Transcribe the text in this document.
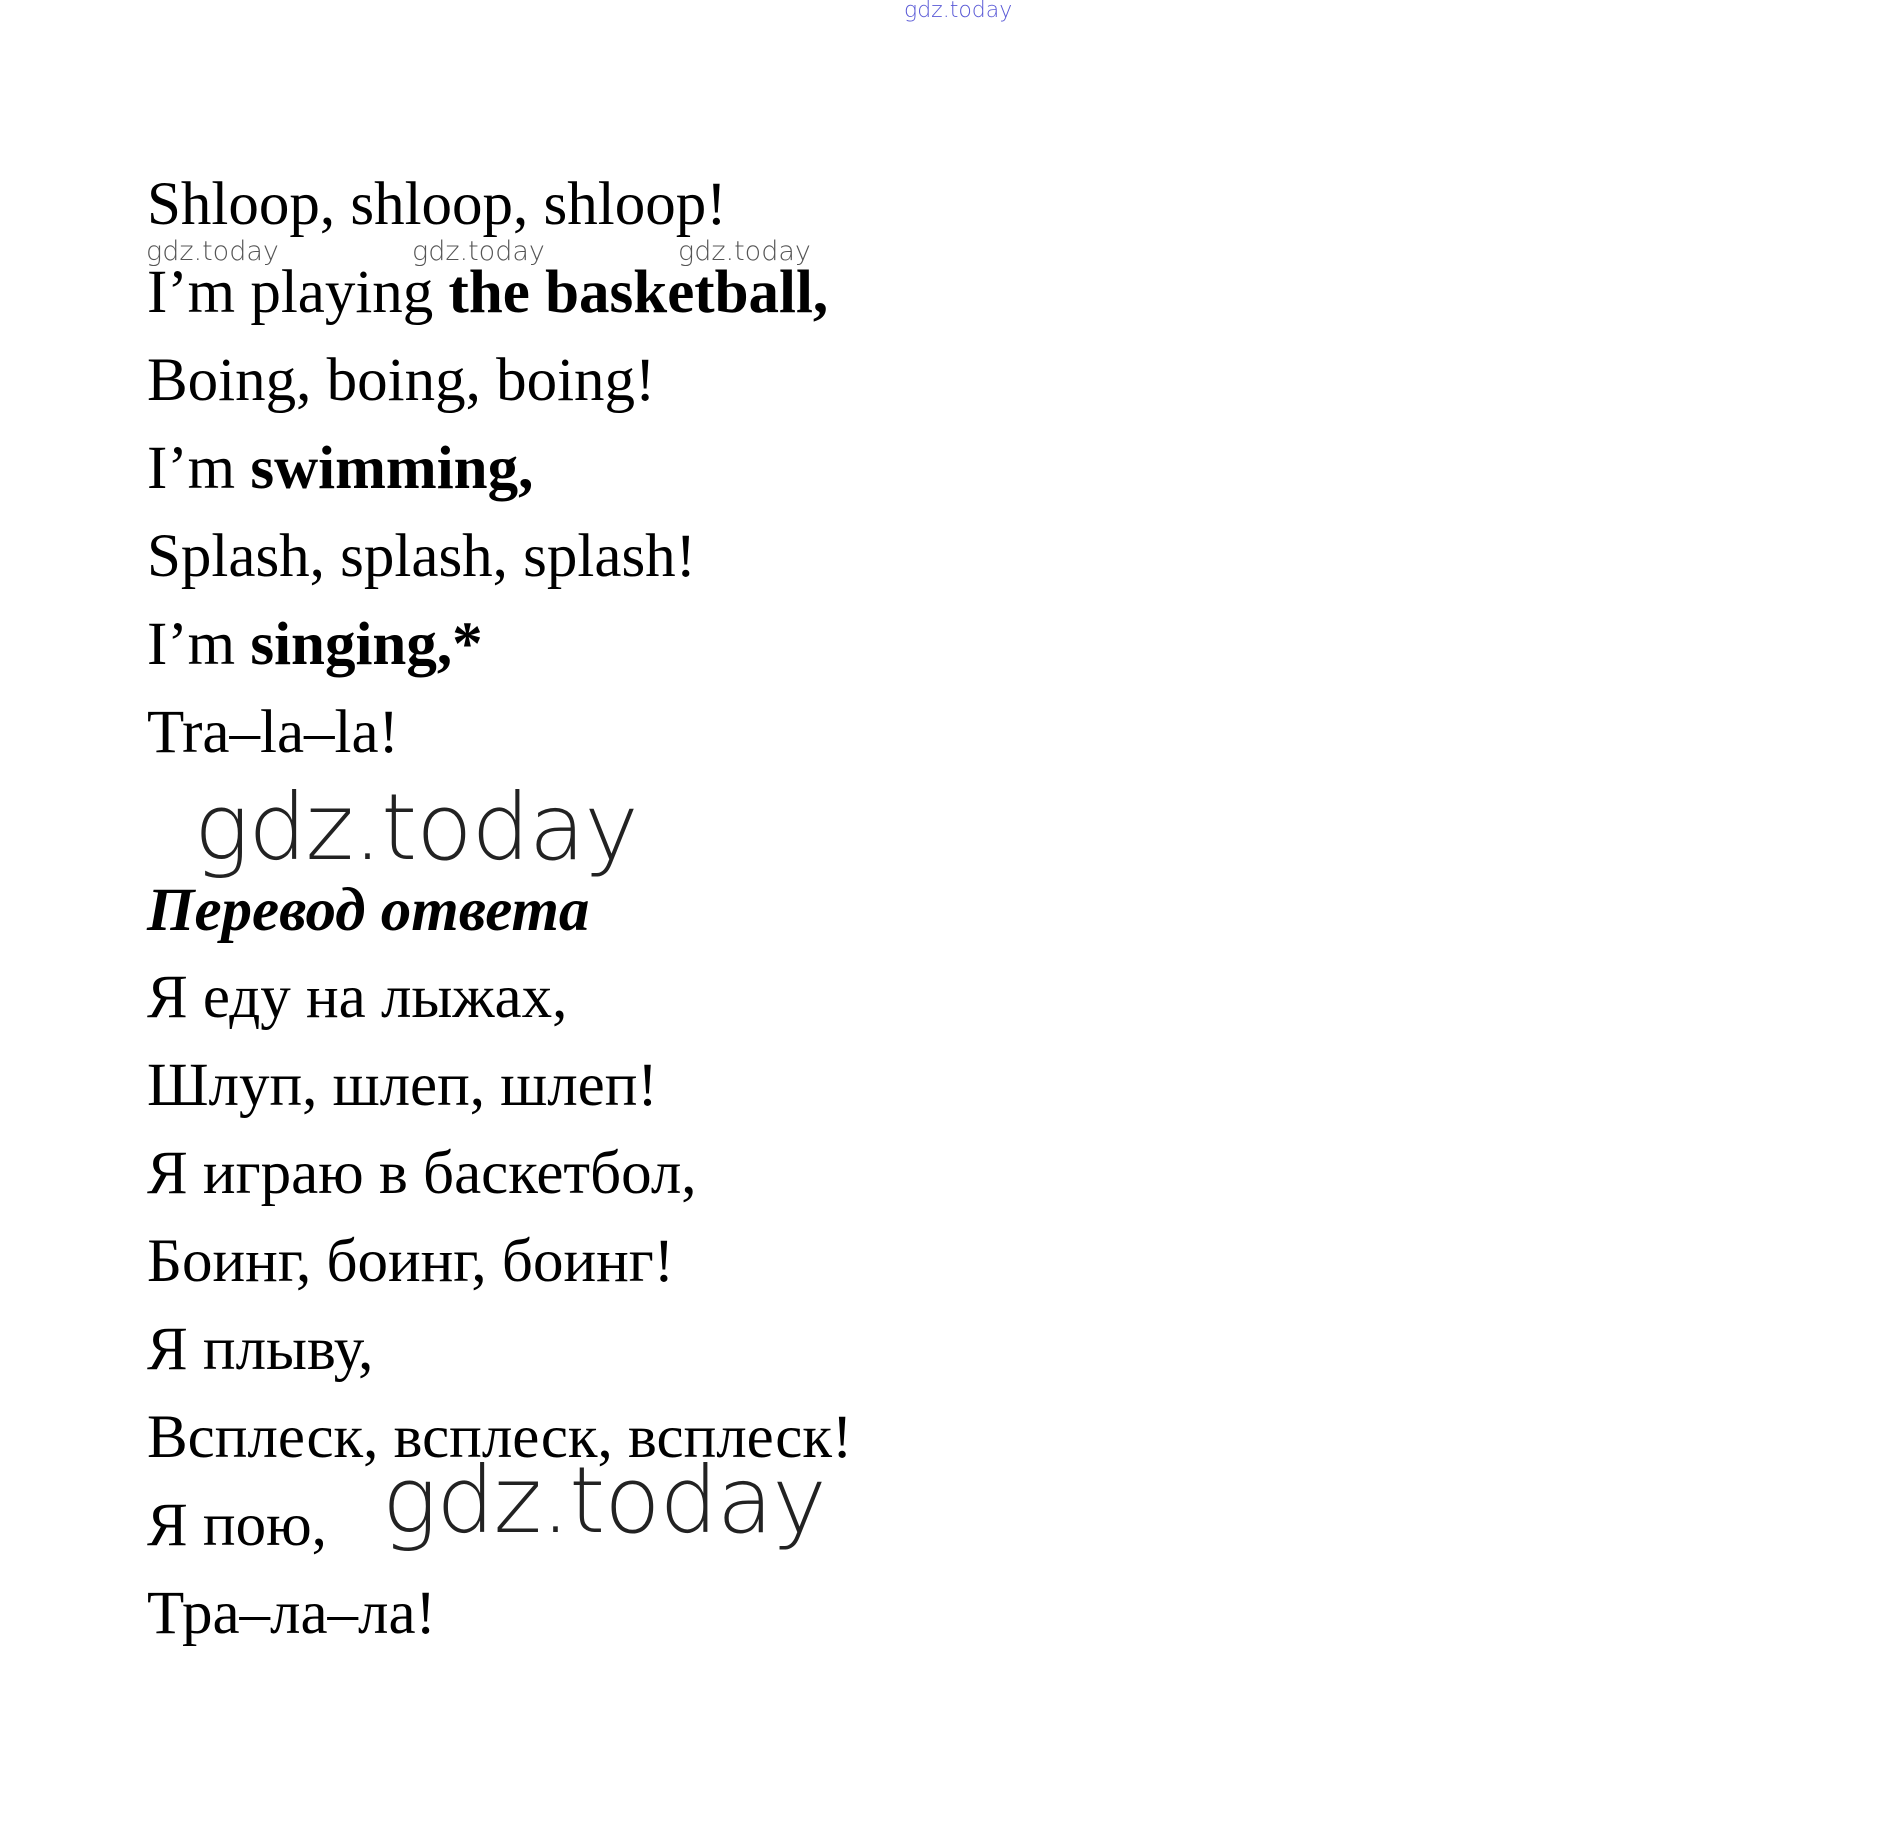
gdz.today
Shloop, shloop, shloop!
gdz.today	gdz.today	gdz.today
I’m playing the basketball,
Boing, boing, boing!
I’m swimming,
Splash, splash, splash!
I’m singing,*
Tra–la–la!
gdz.today
Перевод ответа
Я еду на лыжах,
Шлуп, шлеп, шлеп!
Я играю в баскетбол,
Боинг, боинг, боинг!
Я плыву,
Всплеск, всплеск, всплеск!
Я пою, gdz.today
Тра–ла–ла!
